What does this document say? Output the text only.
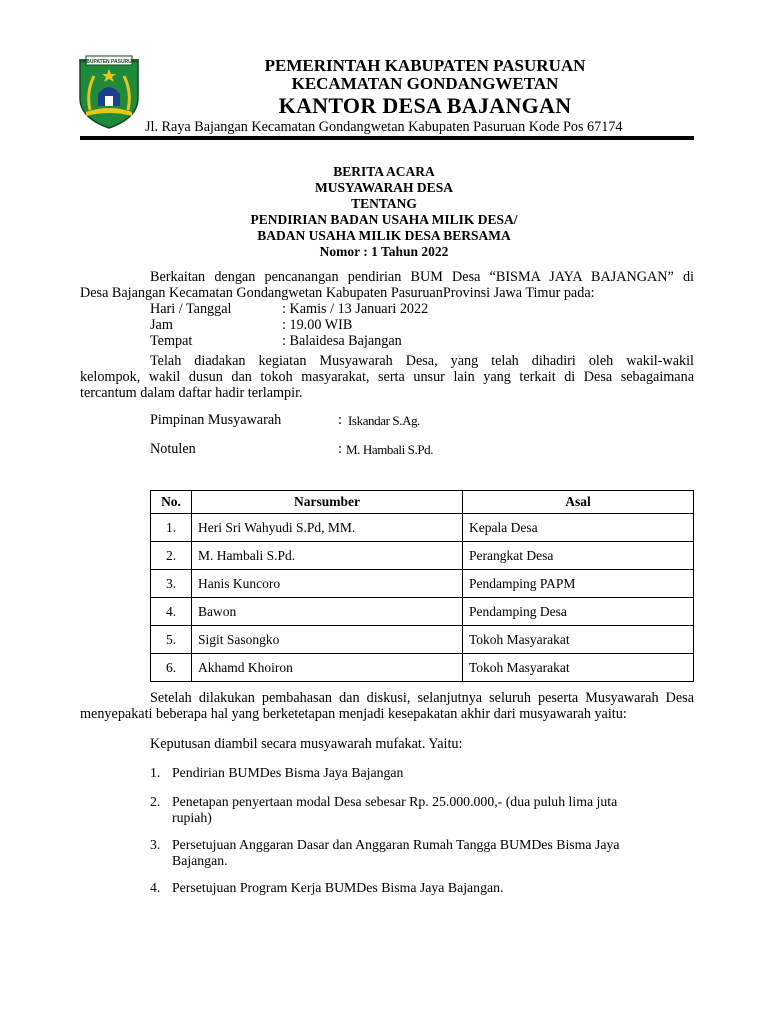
KABUPATEN PASURUAN	PEMERINTAH KABUPATEN PASURUAN
KECAMATAN GONDANGWETAN
KANTOR DESA BAJANGAN
Jl. Raya Bajangan Kecamatan Gondangwetan Kabupaten Pasuruan Kode Pos 67174
BERITA ACARA
MUSYAWARAH DESA
TENTANG
PENDIRIAN BADAN USAHA MILIK DESA/
BADAN USAHA MILIK DESA BERSAMA
Nomor : 1 Tahun 2022
Berkaitan dengan pencanangan pendirian BUM Desa “BISMA JAYA BAJANGAN” di
Desa Bajangan Kecamatan Gondangwetan Kabupaten PasuruanProvinsi Jawa Timur pada:
Hari / Tanggal	: Kamis / 13 Januari 2022
Jam	: 19.00 WIB
Tempat	: Balaidesa Bajangan
Telah diadakan kegiatan Musyawarah Desa, yang telah dihadiri oleh wakil-wakil
kelompok, wakil dusun dan tokoh masyarakat, serta unsur lain yang terkait di Desa sebagaimana
tercantum dalam daftar hadir terlampir.
Pimpinan Musyawarah	: Iskandar S.Ag.
Notulen	: M. Hambali S.Pd.
No.	Narsumber	Asal
1.	Heri Sri Wahyudi S.Pd, MM.	Kepala Desa
2.	M. Hambali S.Pd.	Perangkat Desa
3.	Hanis Kuncoro	Pendamping PAPM
4.	Bawon	Pendamping Desa
5.	Sigit Sasongko	Tokoh Masyarakat
6.	Akhamd Khoiron	Tokoh Masyarakat
Setelah dilakukan pembahasan dan diskusi, selanjutnya seluruh peserta Musyawarah Desa
menyepakati beberapa hal yang berketetapan menjadi kesepakatan akhir dari musyawarah yaitu:
Keputusan diambil secara musyawarah mufakat. Yaitu:
1. Pendirian BUMDes Bisma Jaya Bajangan
2. Penetapan penyertaan modal Desa sebesar Rp. 25.000.000,- (dua puluh lima juta
rupiah)
3. Persetujuan Anggaran Dasar dan Anggaran Rumah Tangga BUMDes Bisma Jaya
Bajangan.
4. Persetujuan Program Kerja BUMDes Bisma Jaya Bajangan.
